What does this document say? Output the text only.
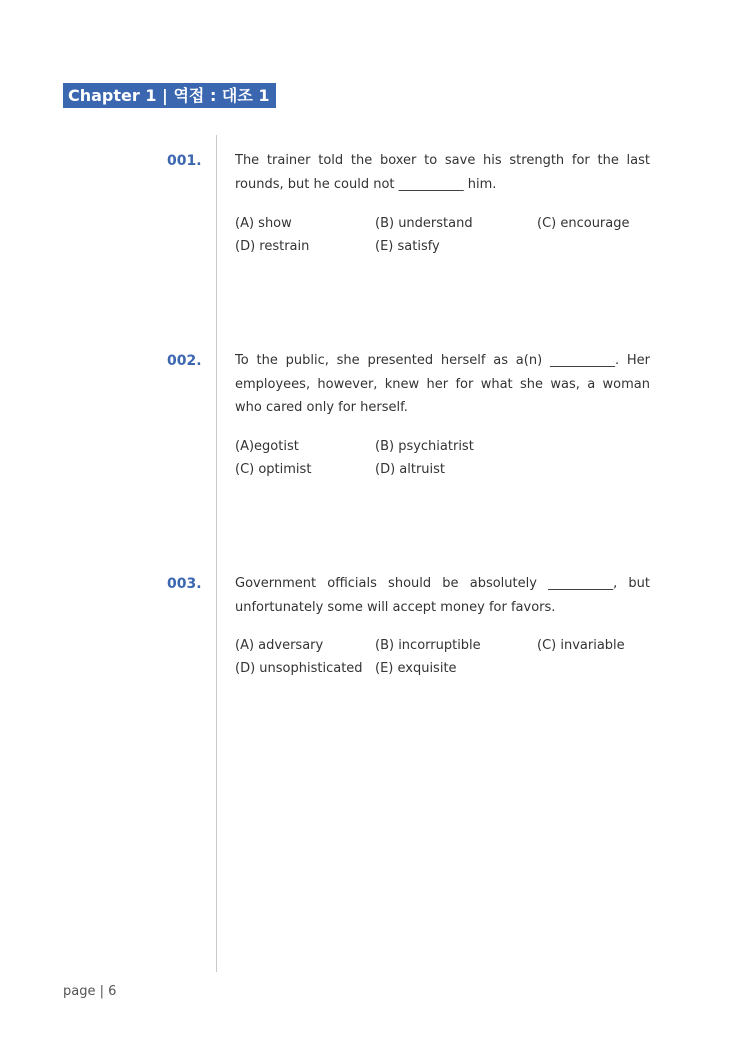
Chapter 1 | 역접 : 대조 1
001.	The trainer told the boxer to save his strength for the last rounds, but he could not __________ him.
(A) show	(B) understand	(C) encourage
(D) restrain	(E) satisfy
002.	To the public, she presented herself as a(n) __________. Her employees, however, knew her for what she was, a woman who cared only for herself.
(A)egotist	(B) psychiatrist
(C) optimist	(D) altruist
003.	Government officials should be absolutely __________, but unfortunately some will accept money for favors.
(A) adversary	(B) incorruptible	(C) invariable
(D) unsophisticated (E) exquisite
page | 6
